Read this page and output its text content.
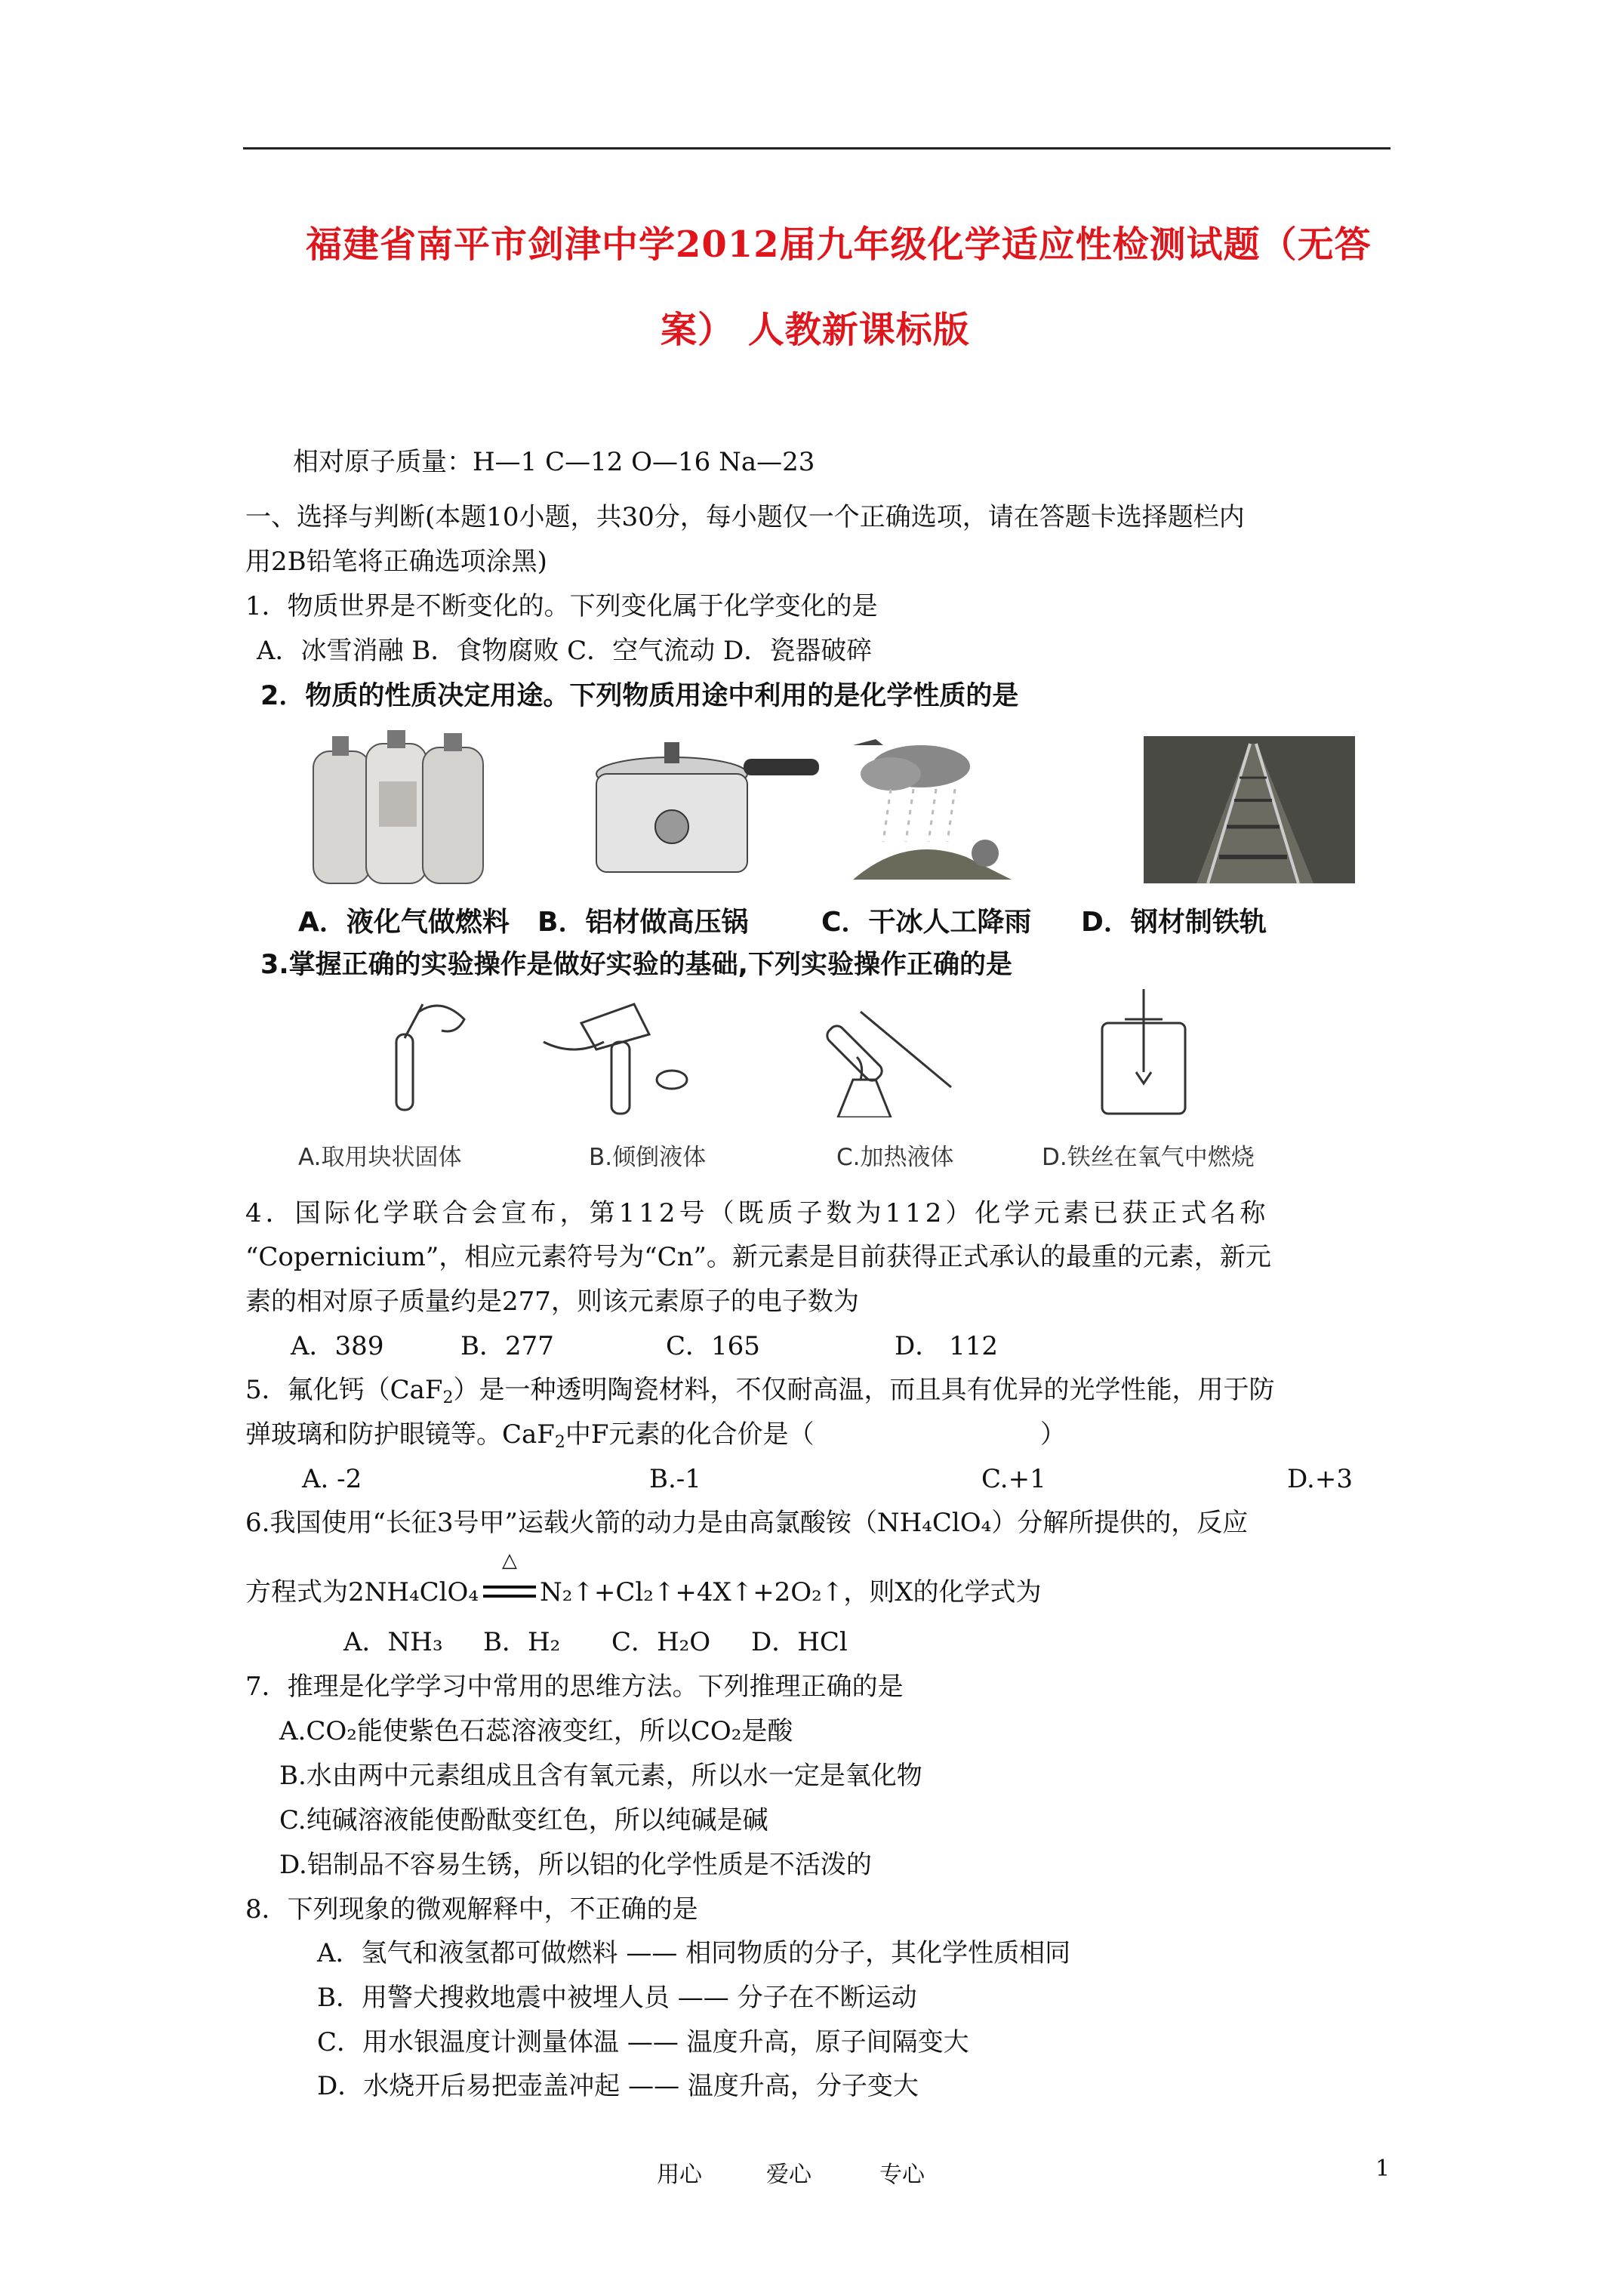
福建省南平市剑津中学2012届九年级化学适应性检测试题（无答
案） 人教新课标版
相对原子质量：H—1 C—12 O—16 Na—23
一、选择与判断(本题10小题，共30分，每小题仅一个正确选项，请在答题卡选择题栏内
用2B铅笔将正确选项涂黑)
1．物质世界是不断变化的。下列变化属于化学变化的是
A．冰雪消融 B．食物腐败 C．空气流动 D．瓷器破碎
2．物质的性质决定用途。下列物质用途中利用的是化学性质的是
A．液化气做燃料 B．铝材做高压锅	C．干冰人工降雨 D．钢材制铁轨
3.掌握正确的实验操作是做好实验的基础,下列实验操作正确的是
A.取用块状固体	B.倾倒液体	C.加热液体	D.铁丝在氧气中燃烧
4．国际化学联合会宣布，第112号（既质子数为112）化学元素已获正式名称
“Copernicium”，相应元素符号为“Cn”。新元素是目前获得正式承认的最重的元素，新元
素的相对原子质量约是277，则该元素原子的电子数为
A．389	B．277	C．165	D． 112
5．氟化钙（CaF$_2$）是一种透明陶瓷材料，不仅耐高温，而且具有优异的光学性能，用于防
弹玻璃和防护眼镜等。CaF$_2$中F元素的化合价是（	）
A. -2	B.-1	C.+1	D.+3
6.我国使用“长征3号甲”运载火箭的动力是由高氯酸铵（NH₄ClO₄）分解所提供的，反应
方程式为2NH₄ClO₄
△
N₂↑+Cl₂↑+4X↑+2O₂↑，则X的化学式为
A．NH₃ B．H₂ C．H₂O D．HCl
7．推理是化学学习中常用的思维方法。下列推理正确的是
A.CO₂能使紫色石蕊溶液变红，所以CO₂是酸
B.水由两中元素组成且含有氧元素，所以水一定是氧化物
C.纯碱溶液能使酚酞变红色，所以纯碱是碱
D.铝制品不容易生锈，所以铝的化学性质是不活泼的
8．下列现象的微观解释中，不正确的是
A．氢气和液氢都可做燃料 —— 相同物质的分子，其化学性质相同
B．用警犬搜救地震中被埋人员 —— 分子在不断运动
C．用水银温度计测量体温 —— 温度升高，原子间隔变大
D．水烧开后易把壶盖冲起 —— 温度升高，分子变大
用心	爱心	专心	1
